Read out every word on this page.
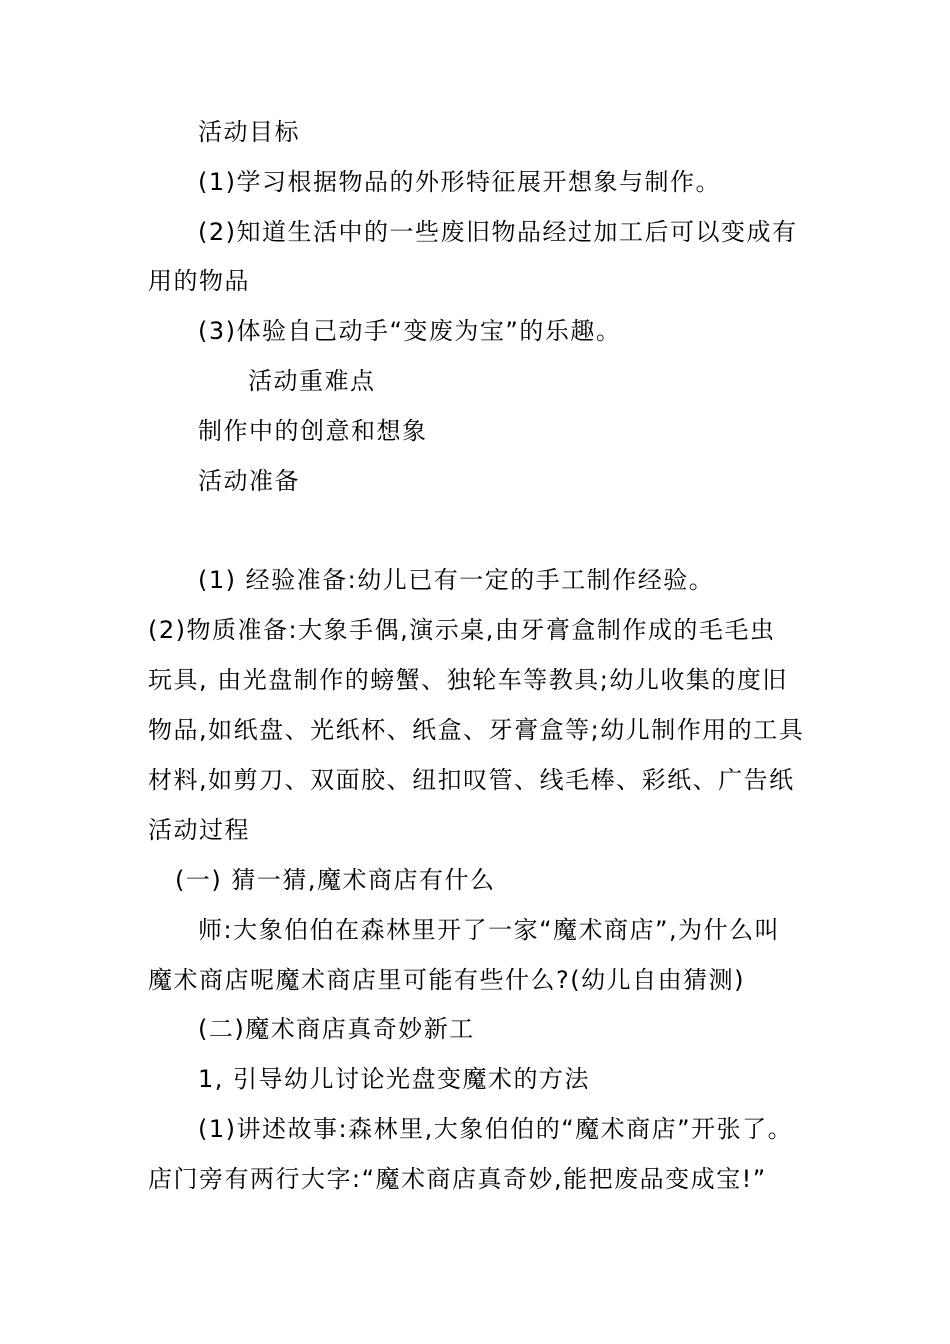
活动目标
(1)学习根据物品的外形特征展开想象与制作。
(2)知道生活中的一些废旧物品经过加工后可以变成有
用的物品
(3)体验自己动手“变废为宝”的乐趣。
活动重难点
制作中的创意和想象
活动准备
(1) 经验准备:幼儿已有一定的手工制作经验。
(2)物质准备:大象手偶,演示桌,由牙膏盒制作成的毛毛虫
玩具, 由光盘制作的螃蟹、独轮车等教具;幼儿收集的度旧
物品,如纸盘、光纸杯、纸盒、牙膏盒等;幼儿制作用的工具
材料,如剪刀、双面胶、纽扣叹管、线毛棒、彩纸、广告纸
活动过程
(一) 猜一猜,魔术商店有什么
师:大象伯伯在森林里开了一家“魔术商店”,为什么叫
魔术商店呢魔术商店里可能有些什么?(幼儿自由猜测)
(二)魔术商店真奇妙新工
1, 引导幼儿讨论光盘变魔术的方法
(1)讲述故事:森林里,大象伯伯的“魔术商店”开张了。
店门旁有两行大字:“魔术商店真奇妙,能把废品变成宝!”
